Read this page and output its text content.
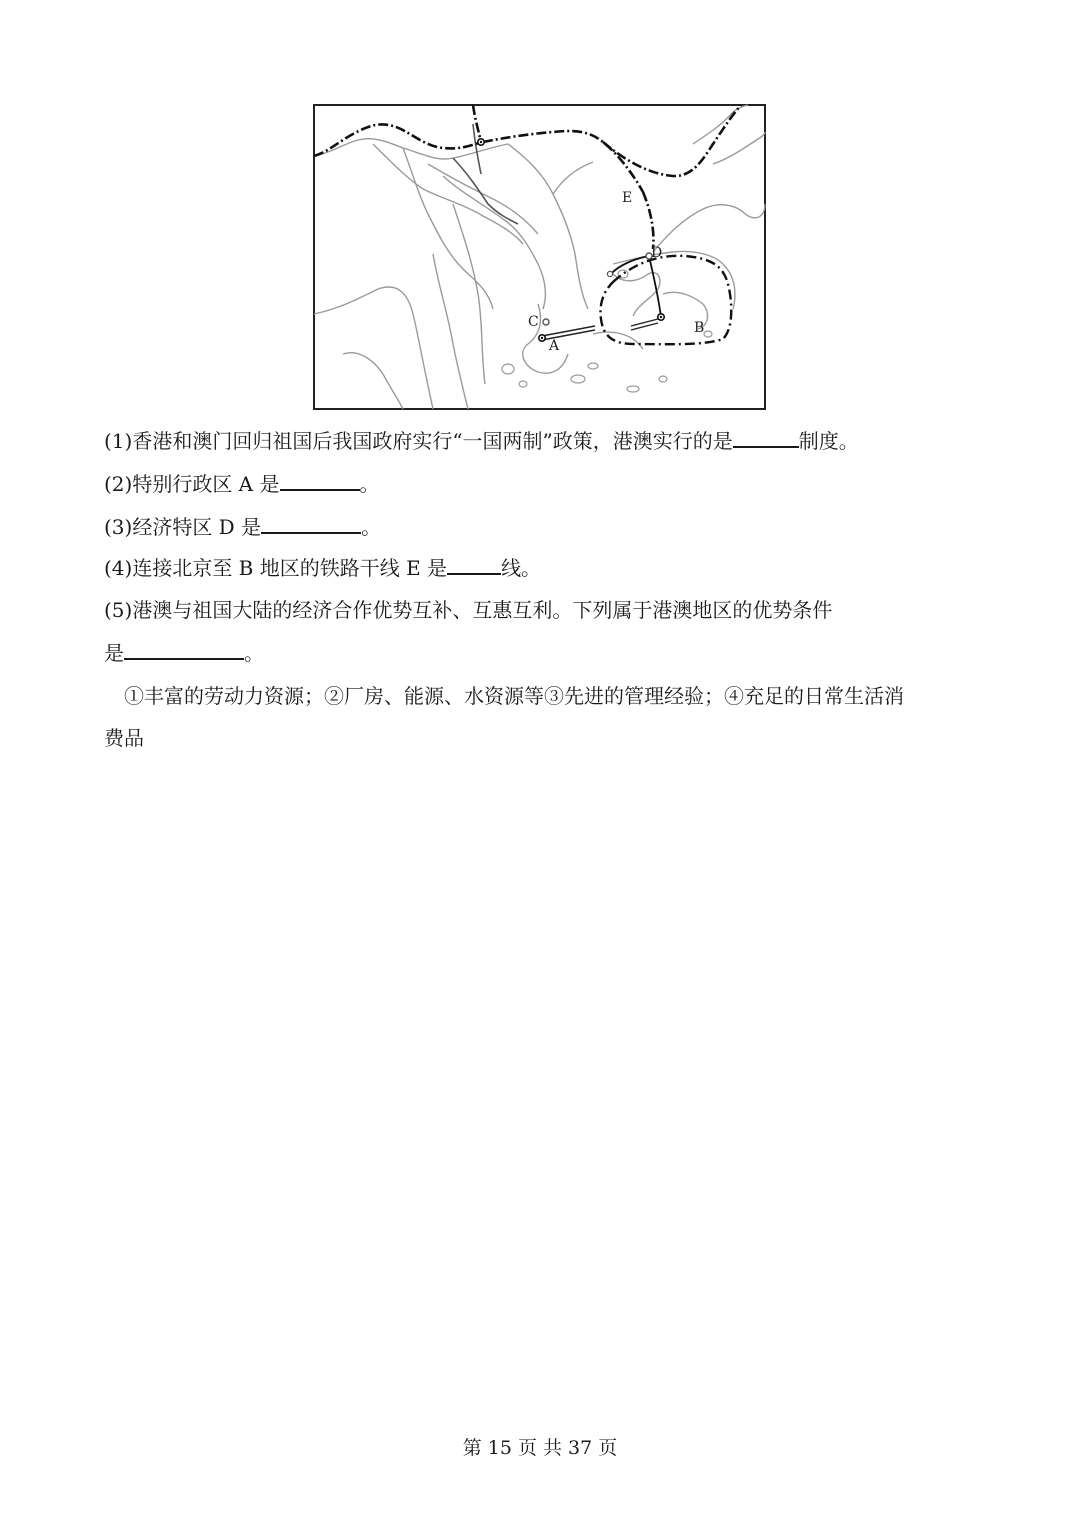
A
B
C
D
E
(1)香港和澳门回归祖国后我国政府实行“一国两制”政策，港澳实行的是	制度。
(2)特别行政区 A 是	。
(3)经济特区 D 是	。
(4)连接北京至 B 地区的铁路干线 E 是	线。
(5)港澳与祖国大陆的经济合作优势互补、互惠互利。下列属于港澳地区的优势条件
是	。
①丰富的劳动力资源；②厂房、能源、水资源等③先进的管理经验；④充足的日常生活消
费品
第 15 页 共 37 页
